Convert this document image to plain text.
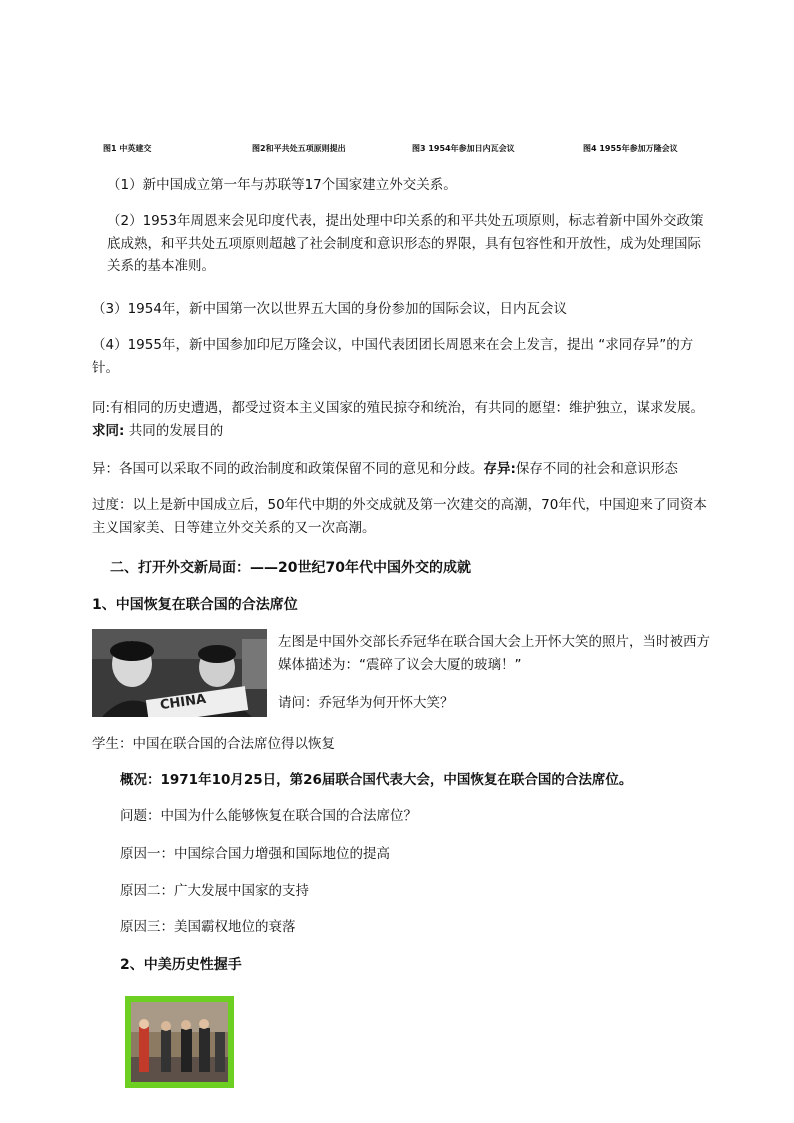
图1 中英建交	图2和平共处五项原则提出	图3 1954年参加日内瓦会议	图4 1955年参加万隆会议

（1）新中国成立第一年与苏联等17个国家建立外交关系。

（2）1953年周恩来会见印度代表，提出处理中印关系的和平共处五项原则，标志着新中国外交政策底成熟，和平共处五项原则超越了社会制度和意识形态的界限，具有包容性和开放性，成为处理国际关系的基本准则。

（3）1954年，新中国第一次以世界五大国的身份参加的国际会议，日内瓦会议

（4）1955年，新中国参加印尼万隆会议，中国代表团团长周恩来在会上发言，提出 “求同存异”的方针。

同:有相同的历史遭遇，都受过资本主义国家的殖民掠夺和统治，有共同的愿望：维护独立，谋求发展。求同: 共同的发展目的

异：各国可以采取不同的政治制度和政策保留不同的意见和分歧。存异:保存不同的社会和意识形态

过度：以上是新中国成立后，50年代中期的外交成就及第一次建交的高潮，70年代，中国迎来了同资本主义国家美、日等建立外交关系的又一次高潮。

二、打开外交新局面：——20世纪70年代中国外交的成就

1、中国恢复在联合国的合法席位

CHINA

左图是中国外交部长乔冠华在联合国大会上开怀大笑的照片，当时被西方媒体描述为：“震碎了议会大厦的玻璃！”

请问：乔冠华为何开怀大笑？

学生：中国在联合国的合法席位得以恢复

概况：1971年10月25日，第26届联合国代表大会，中国恢复在联合国的合法席位。

问题：中国为什么能够恢复在联合国的合法席位？

原因一：中国综合国力增强和国际地位的提高

原因二：广大发展中国家的支持

原因三：美国霸权地位的衰落

2、中美历史性握手
